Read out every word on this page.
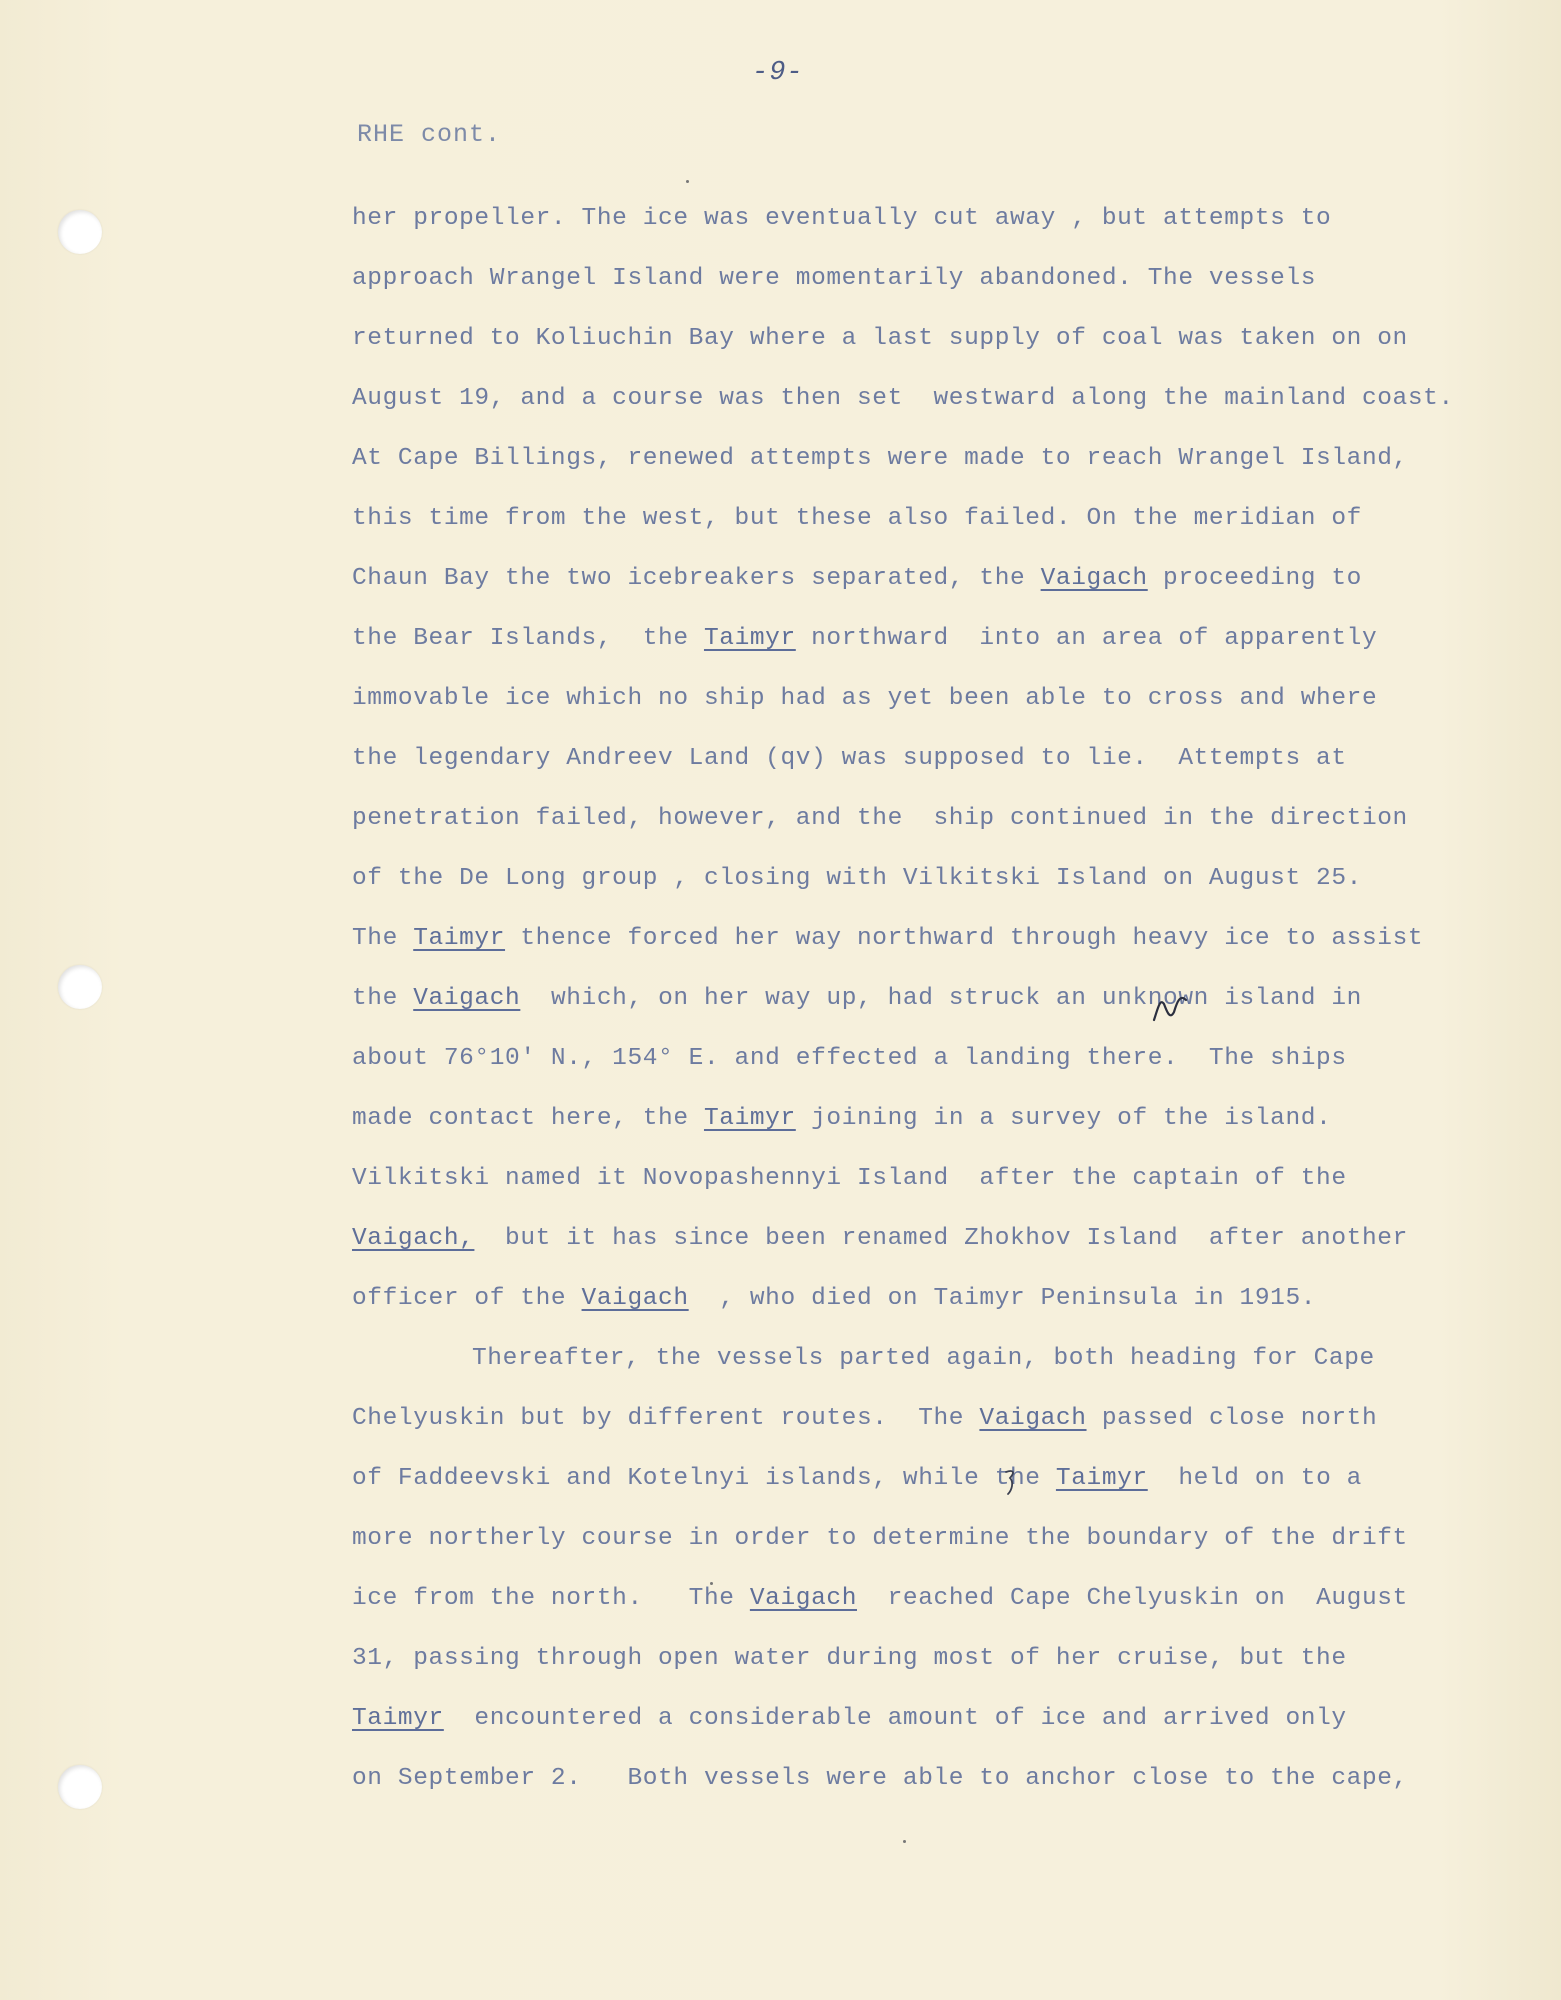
-9-
RHE cont.
her propeller. The ice was eventually cut away , but attempts to
approach Wrangel Island were momentarily abandoned. The vessels
returned to Koliuchin Bay where a last supply of coal was taken on on
August 19, and a course was then set  westward along the mainland coast.
At Cape Billings, renewed attempts were made to reach Wrangel Island,
this time from the west, but these also failed. On the meridian of
Chaun Bay the two icebreakers separated, the Vaigach proceeding to
the Bear Islands,  the Taimyr northward  into an area of apparently
immovable ice which no ship had as yet been able to cross and where
the legendary Andreev Land (qv) was supposed to lie.  Attempts at
penetration failed, however, and the  ship continued in the direction
of the De Long group , closing with Vilkitski Island on August 25.
The Taimyr thence forced her way northward through heavy ice to assist
the Vaigach  which, on her way up, had struck an unknown island in
about 76°10' N., 154° E. and effected a landing there.  The ships
made contact here, the Taimyr joining in a survey of the island.
Vilkitski named it Novopashennyi Island  after the captain of the
Vaigach,  but it has since been renamed Zhokhov Island  after another
officer of the Vaigach  , who died on Taimyr Peninsula in 1915.
Thereafter, the vessels parted again, both heading for Cape
Chelyuskin but by different routes.  The Vaigach passed close north
of Faddeevski and Kotelnyi islands, while the Taimyr  held on to a
more northerly course in order to determine the boundary of the drift
ice from the north.   The Vaigach  reached Cape Chelyuskin on  August
31, passing through open water during most of her cruise, but the
Taimyr  encountered a considerable amount of ice and arrived only
on September 2.   Both vessels were able to anchor close to the cape,
